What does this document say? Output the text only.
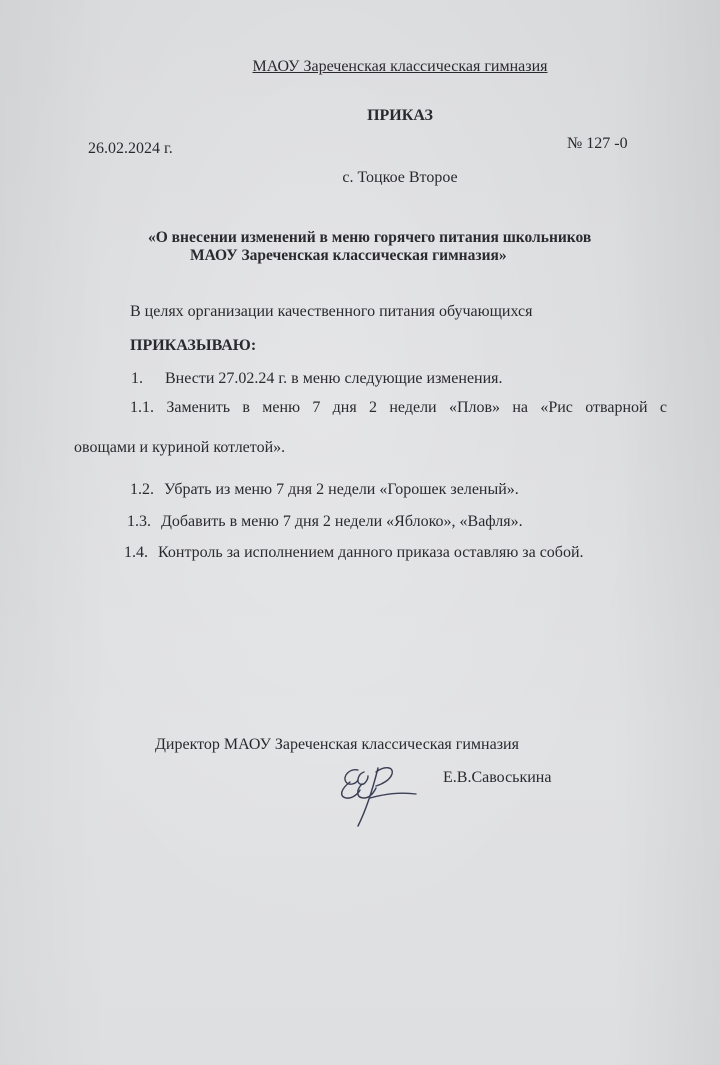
МАОУ Зареченская классическая гимназия
ПРИКАЗ
26.02.2024 г.	№ 127 -0
с. Тоцкое Второе
«О внесении изменений в меню горячего питания школьников
МАОУ Зареченская классическая гимназия»
В целях организации качественного питания обучающихся
ПРИКАЗЫВАЮ:
1. Внести 27.02.24 г. в меню следующие изменения.
1.1. Заменить в меню 7 дня 2 недели «Плов» на «Рис отварной с
овощами и куриной котлетой».
1.2. Убрать из меню 7 дня 2 недели «Горошек зеленый».
1.3. Добавить в меню 7 дня 2 недели «Яблоко», «Вафля».
1.4. Контроль за исполнением данного приказа оставляю за собой.
Директор МАОУ Зареченская классическая гимназия
Е.В.Савоськина
